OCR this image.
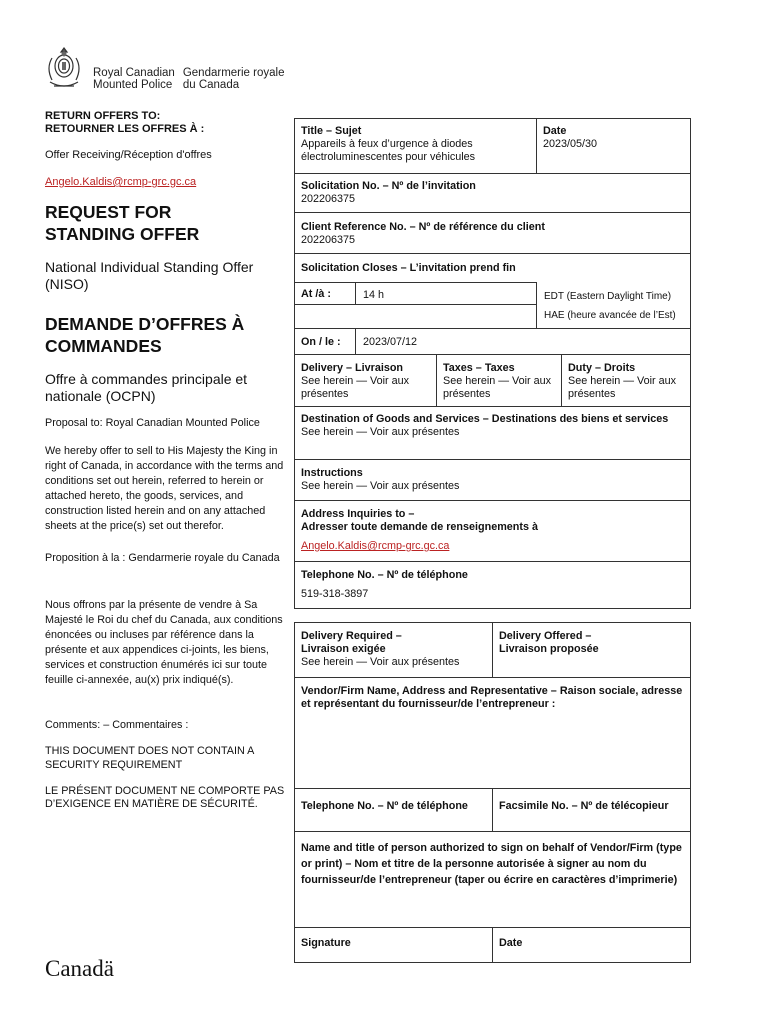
Royal Canadian
Mounted Police
Gendarmerie royale
du Canada
RETURN OFFERS TO:
RETOURNER LES OFFRES À :
Offer Receiving/Réception d'offres
Angelo.Kaldis@rcmp-grc.gc.ca
REQUEST FOR
STANDING OFFER
National Individual Standing Offer
(NISO)
DEMANDE D’OFFRES À
COMMANDES
Offre à commandes principale et
nationale (OCPN)
Proposal to: Royal Canadian Mounted Police
We hereby offer to sell to His Majesty the King in right of Canada, in accordance with the terms and conditions set out herein, referred to herein or attached hereto, the goods, services, and construction listed herein and on any attached sheets at the price(s) set out therefor.
Proposition à la : Gendarmerie royale du Canada
Nous offrons par la présente de vendre à Sa Majesté le Roi du chef du Canada, aux conditions énoncées ou incluses par référence dans la présente et aux appendices ci-joints, les biens, services et construction énumérés ici sur toute feuille ci-annexée, au(x) prix indiqué(s).
Comments: – Commentaires :
THIS DOCUMENT DOES NOT CONTAIN A SECURITY REQUIREMENT
LE PRÉSENT DOCUMENT NE COMPORTE PAS D’EXIGENCE EN MATIÈRE DE SÉCURITÉ.
Canadä
Title – Sujet
Appareils à feux d’urgence à diodes
électroluminescentes pour véhicules
Date
2023/05/30
Solicitation No. – Nº de l’invitation
202206375
Client Reference No. – Nº de référence du client
202206375
Solicitation Closes – L’invitation prend fin
At /à :	14 h	EDT (Eastern Daylight Time)
HAE (heure avancée de l’Est)
On / le :	2023/07/12
Delivery – Livraison
See herein — Voir aux présentes
Taxes – Taxes
See herein — Voir aux présentes
Duty – Droits
See herein — Voir aux présentes
Destination of Goods and Services – Destinations des biens et services
See herein — Voir aux présentes
Instructions
See herein — Voir aux présentes
Address Inquiries to –
Adresser toute demande de renseignements à
Angelo.Kaldis@rcmp-grc.gc.ca
Telephone No. – Nº de téléphone
519-318-3897
Delivery Required –
Livraison exigée
See herein — Voir aux présentes
Delivery Offered –
Livraison proposée
Vendor/Firm Name, Address and Representative – Raison sociale, adresse et représentant du fournisseur/de l’entrepreneur :
Telephone No. – Nº de téléphone	Facsimile No. – Nº de télécopieur
Name and title of person authorized to sign on behalf of Vendor/Firm (type or print) – Nom et titre de la personne autorisée à signer au nom du fournisseur/de l’entrepreneur (taper ou écrire en caractères d’imprimerie)
Signature	Date
